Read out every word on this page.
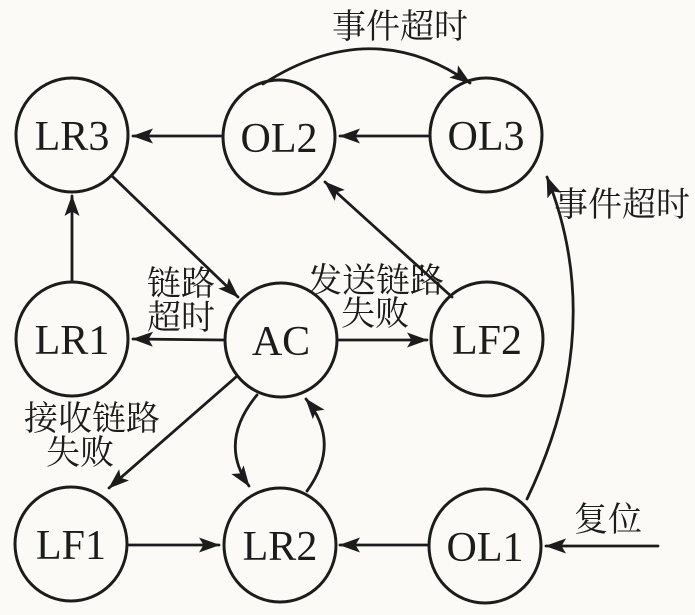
LR3	OL2	OL3
LR1	AC	LF2
LF1	LR2	OL1
事件超时
事件超时
链路
超时
发送链路
失败
接收链路
失败
复位
